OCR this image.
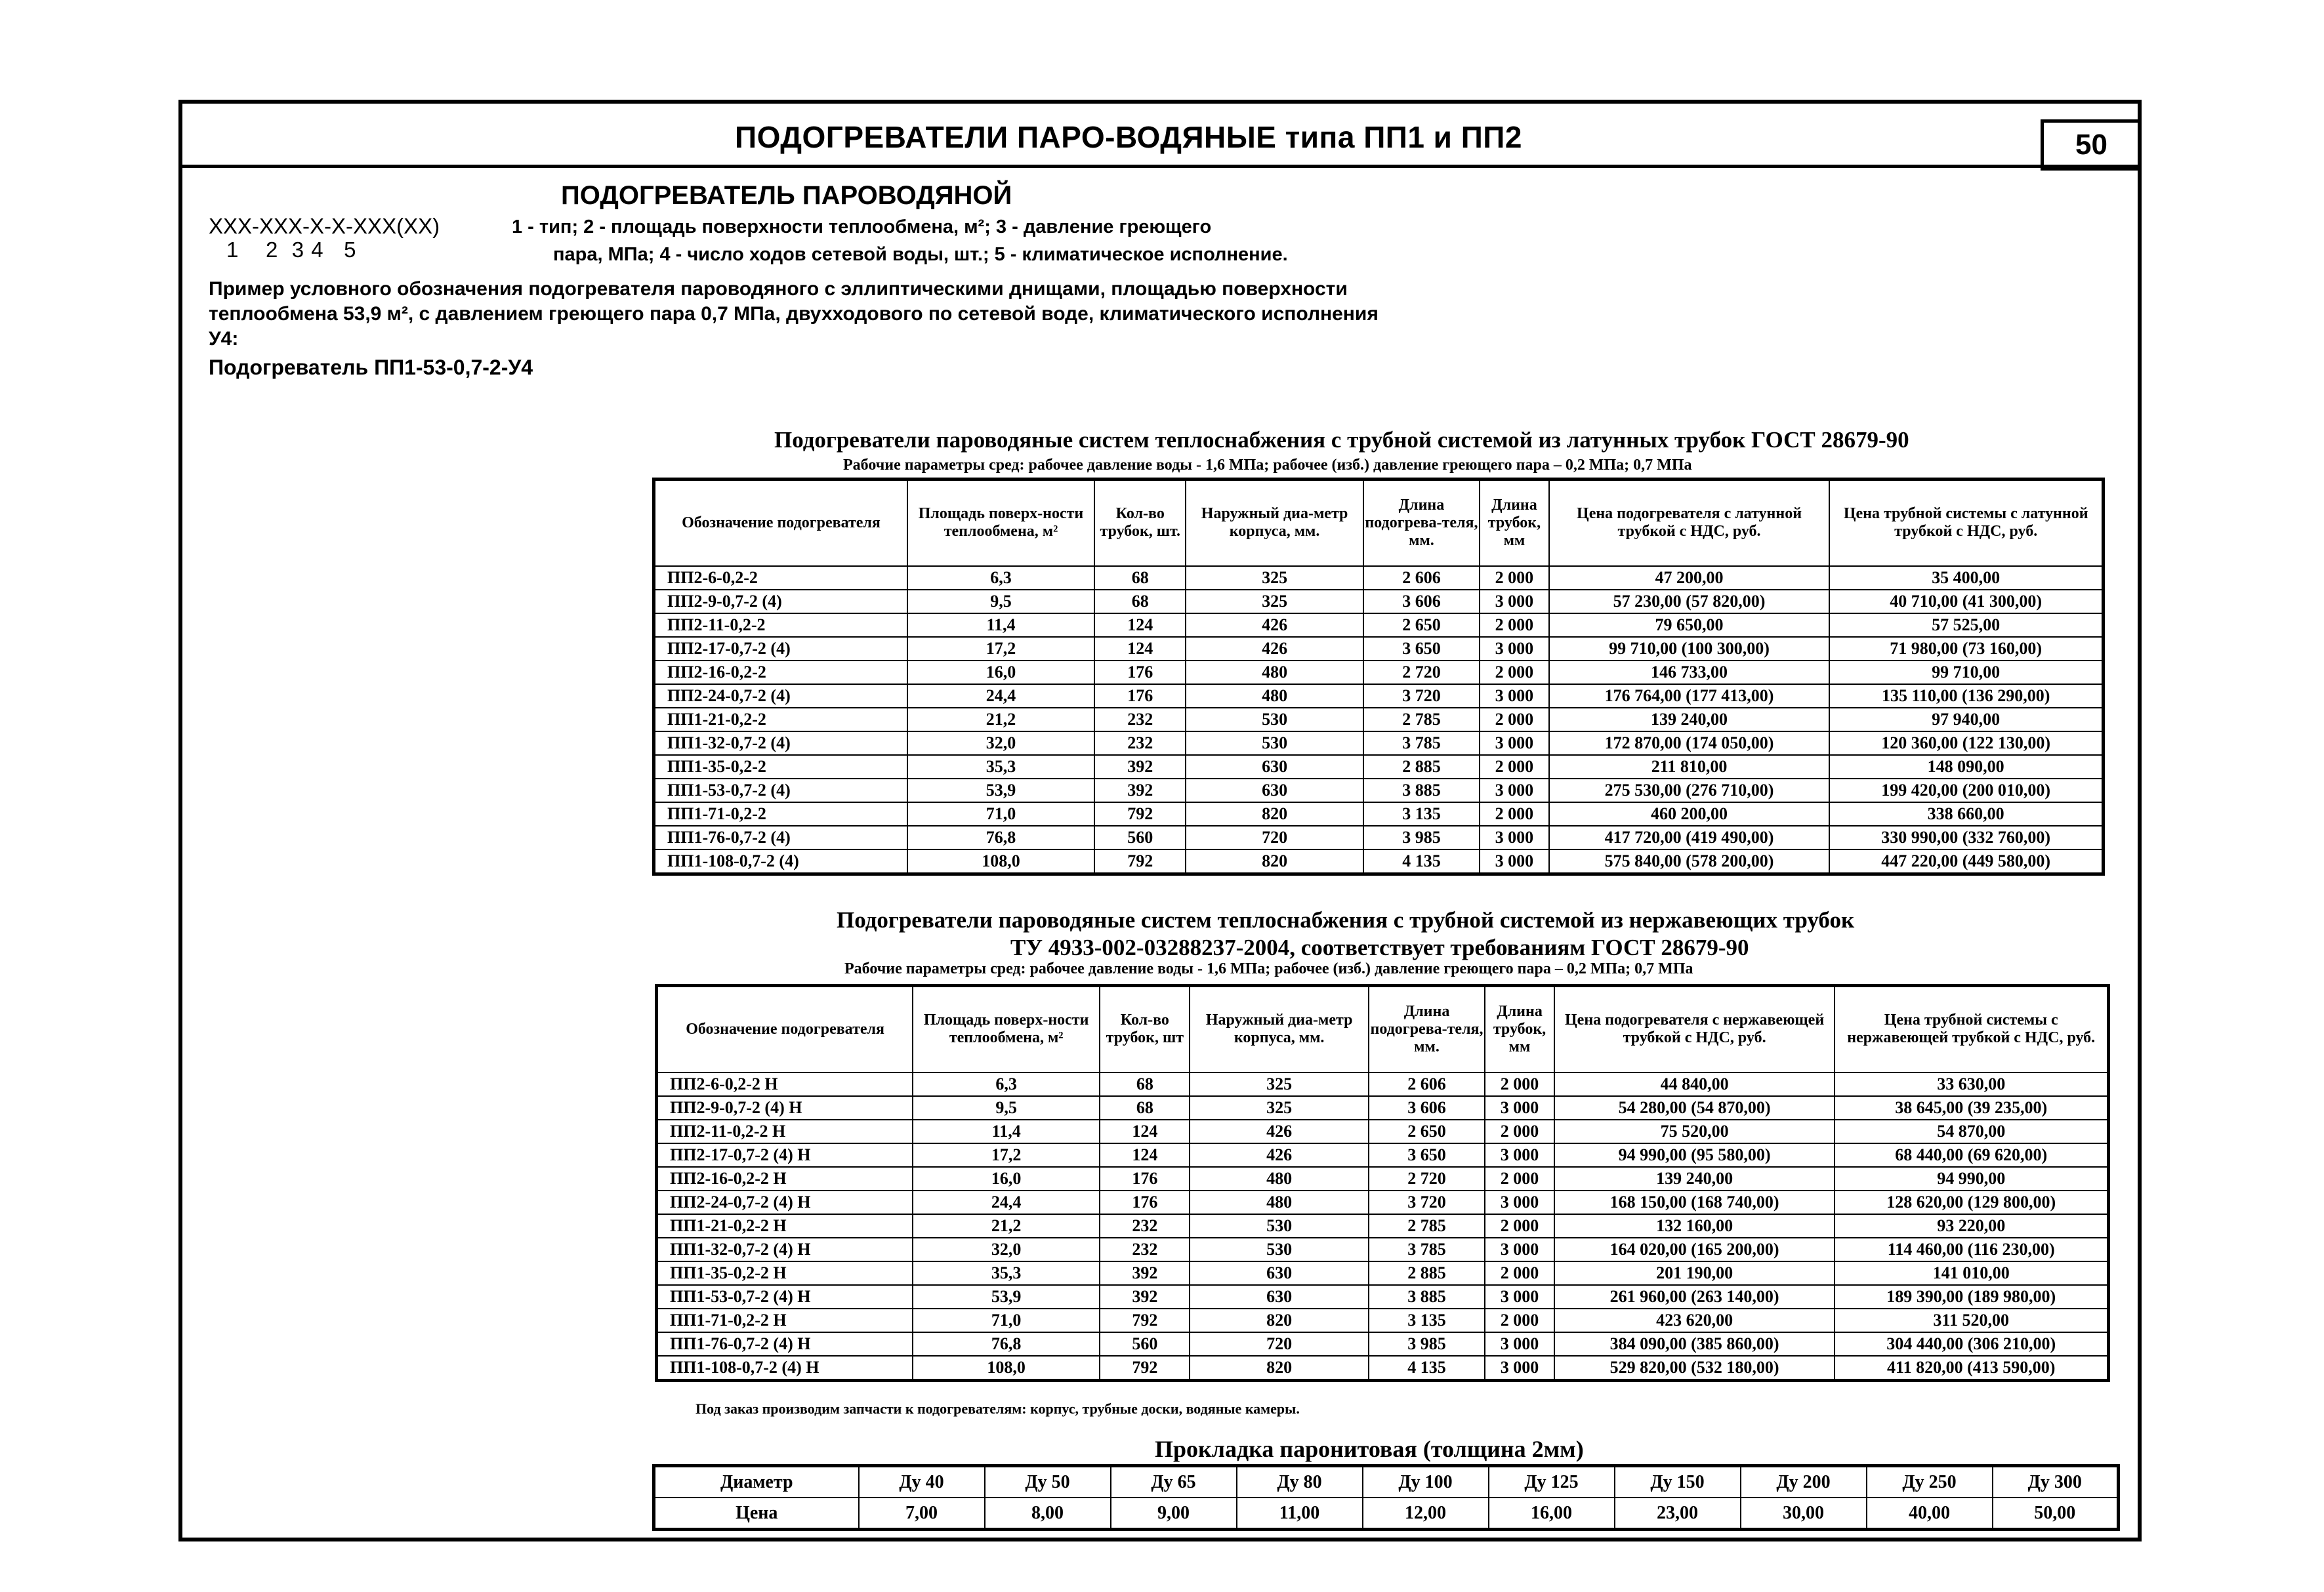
ПОДОГРЕВАТЕЛИ ПАРО-ВОДЯНЫЕ типа ПП1 и ПП2	50
ПОДОГРЕВАТЕЛЬ ПАРОВОДЯНОЙ
XXX-XXX-X-X-XXX(XX)
1    2  3 4   5
1 - тип; 2 - площадь поверхности теплообмена, м²; 3 - давление греющего
пара, МПа; 4 - число ходов сетевой воды, шт.; 5 - климатическое исполнение.
Пример условного обозначения подогревателя пароводяного с эллиптическими днищами, площадью поверхности теплообмена 53,9 м², с давлением греющего пара 0,7 МПа, двухходового по сетевой воде, климатического исполнения У4:
Подогреватель ПП1-53-0,7-2-У4
Подогреватели пароводяные систем теплоснабжения с трубной системой из латунных трубок ГОСТ 28679-90
Рабочие параметры сред: рабочее давление воды - 1,6 МПа; рабочее (изб.) давление греющего пара – 0,2 МПа; 0,7 МПа
Обозначение подогревателя	Площадь поверх-ности теплообмена, м²	Кол-во трубок, шт.	Наружный диа-метр корпуса, мм.	Длина подогрева-теля, мм.	Длина трубок, мм	Цена подогревателя с латунной трубкой с НДС, руб.	Цена трубной системы с латунной трубкой с НДС, руб.
ПП2-6-0,2-2	6,3	68	325	2 606	2 000	47 200,00	35 400,00
ПП2-9-0,7-2 (4)	9,5	68	325	3 606	3 000	57 230,00 (57 820,00)	40 710,00 (41 300,00)
ПП2-11-0,2-2	11,4	124	426	2 650	2 000	79 650,00	57 525,00
ПП2-17-0,7-2 (4)	17,2	124	426	3 650	3 000	99 710,00 (100 300,00)	71 980,00 (73 160,00)
ПП2-16-0,2-2	16,0	176	480	2 720	2 000	146 733,00	99 710,00
ПП2-24-0,7-2 (4)	24,4	176	480	3 720	3 000	176 764,00 (177 413,00)	135 110,00 (136 290,00)
ПП1-21-0,2-2	21,2	232	530	2 785	2 000	139 240,00	97 940,00
ПП1-32-0,7-2 (4)	32,0	232	530	3 785	3 000	172 870,00 (174 050,00)	120 360,00 (122 130,00)
ПП1-35-0,2-2	35,3	392	630	2 885	2 000	211 810,00	148 090,00
ПП1-53-0,7-2 (4)	53,9	392	630	3 885	3 000	275 530,00 (276 710,00)	199 420,00 (200 010,00)
ПП1-71-0,2-2	71,0	792	820	3 135	2 000	460 200,00	338 660,00
ПП1-76-0,7-2 (4)	76,8	560	720	3 985	3 000	417 720,00 (419 490,00)	330 990,00 (332 760,00)
ПП1-108-0,7-2 (4)	108,0	792	820	4 135	3 000	575 840,00 (578 200,00)	447 220,00 (449 580,00)
Подогреватели пароводяные систем теплоснабжения с трубной системой из нержавеющих трубок
ТУ 4933-002-03288237-2004, соответствует требованиям ГОСТ 28679-90
Рабочие параметры сред: рабочее давление воды - 1,6 МПа; рабочее (изб.) давление греющего пара – 0,2 МПа; 0,7 МПа
Обозначение подогревателя	Площадь поверх-ности теплообмена, м²	Кол-во трубок, шт	Наружный диа-метр корпуса, мм.	Длина подогрева-теля, мм.	Длина трубок, мм	Цена подогревателя с нержавеющей трубкой с НДС, руб.	Цена трубной системы с нержавеющей трубкой с НДС, руб.
ПП2-6-0,2-2 Н	6,3	68	325	2 606	2 000	44 840,00	33 630,00
ПП2-9-0,7-2 (4) Н	9,5	68	325	3 606	3 000	54 280,00 (54 870,00)	38 645,00 (39 235,00)
ПП2-11-0,2-2 Н	11,4	124	426	2 650	2 000	75 520,00	54 870,00
ПП2-17-0,7-2 (4) Н	17,2	124	426	3 650	3 000	94 990,00 (95 580,00)	68 440,00 (69 620,00)
ПП2-16-0,2-2 Н	16,0	176	480	2 720	2 000	139 240,00	94 990,00
ПП2-24-0,7-2 (4) Н	24,4	176	480	3 720	3 000	168 150,00 (168 740,00)	128 620,00 (129 800,00)
ПП1-21-0,2-2 Н	21,2	232	530	2 785	2 000	132 160,00	93 220,00
ПП1-32-0,7-2 (4) Н	32,0	232	530	3 785	3 000	164 020,00 (165 200,00)	114 460,00 (116 230,00)
ПП1-35-0,2-2 Н	35,3	392	630	2 885	2 000	201 190,00	141 010,00
ПП1-53-0,7-2 (4) Н	53,9	392	630	3 885	3 000	261 960,00 (263 140,00)	189 390,00 (189 980,00)
ПП1-71-0,2-2 Н	71,0	792	820	3 135	2 000	423 620,00	311 520,00
ПП1-76-0,7-2 (4) Н	76,8	560	720	3 985	3 000	384 090,00 (385 860,00)	304 440,00 (306 210,00)
ПП1-108-0,7-2 (4) Н	108,0	792	820	4 135	3 000	529 820,00 (532 180,00)	411 820,00 (413 590,00)
Под заказ производим запчасти к подогревателям: корпус, трубные доски, водяные камеры.
Прокладка паронитовая (толщина 2мм)
Диаметр	Ду 40	Ду 50	Ду 65	Ду 80	Ду 100	Ду 125	Ду 150	Ду 200	Ду 250	Ду 300
Цена	7,00	8,00	9,00	11,00	12,00	16,00	23,00	30,00	40,00	50,00
